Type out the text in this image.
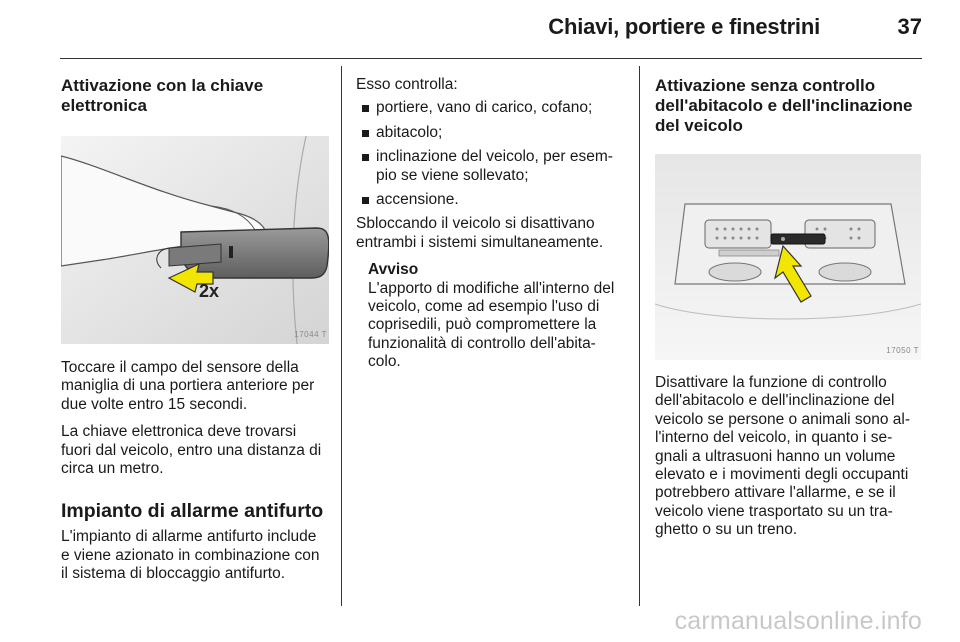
Chiavi, portiere e finestrini	37
Attivazione con la chiave elettronica
2x
17044 T

Toccare il campo del sensore della maniglia di una portiera anteriore per due volte entro 15 secondi.

La chiave elettronica deve trovarsi fuori dal veicolo, entro una distanza di circa un metro.

Impianto di allarme antifurto

L'impianto di allarme antifurto include e viene azionato in combinazione con il sistema di bloccaggio antifurto.

Esso controlla:

portiere, vano di carico, cofano;
abitacolo;
inclinazione del veicolo, per esem- pio se viene sollevato;
accensione.

Sbloccando il veicolo si disattivano entrambi i sistemi simultaneamente.

Avviso

L'apporto di modifiche all'interno del veicolo, come ad esempio l'uso di coprisedili, può compromettere la funzionalità di controllo dell'abita- colo.

Attivazione senza controllo dell'abitacolo e dell'inclinazione del veicolo
17050 T

Disattivare la funzione di controllo dell'abitacolo e dell'inclinazione del veicolo se persone o animali sono al- l'interno del veicolo, in quanto i se- gnali a ultrasuoni hanno un volume elevato e i movimenti degli occupanti potrebbero attivare l'allarme, e se il veicolo viene trasportato su un tra- ghetto o su un treno.

carmanualsonline.info
